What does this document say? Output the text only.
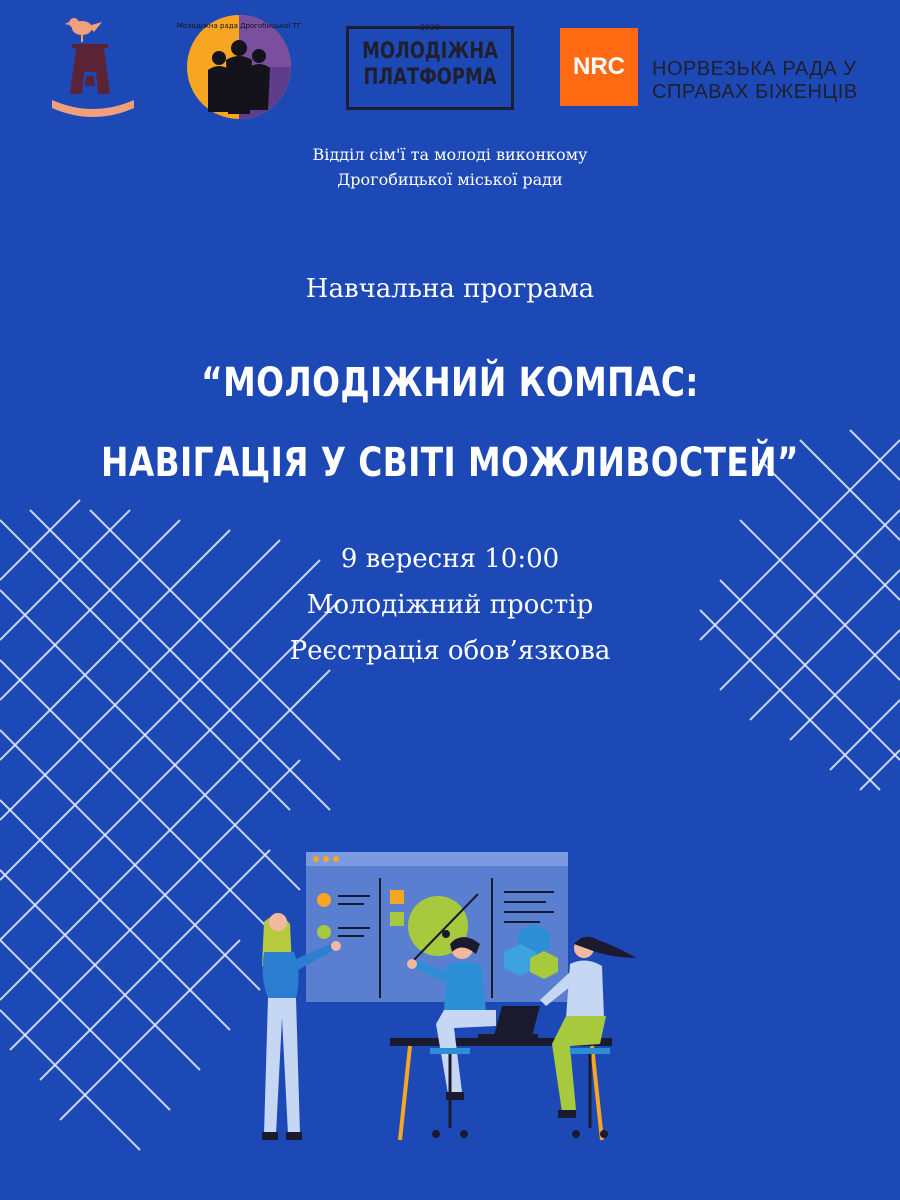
Молодіжна рада Дрогобицької ТГ	2020
МОЛОДІЖНА
ПЛАТФОРМА	NRC НОРВЕЗЬКА РАДА У
СПРАВАХ БІЖЕНЦІВ
Відділ сім'ї та молоді виконкому
Дрогобицької міської ради
Навчальна програма
“МОЛОДІЖНИЙ КОМПАС:
НАВІГАЦІЯ У СВІТІ МОЖЛИВОСТЕЙ”
9 вересня 10:00
Молодіжний простір
Реєстрація обов’язкова
